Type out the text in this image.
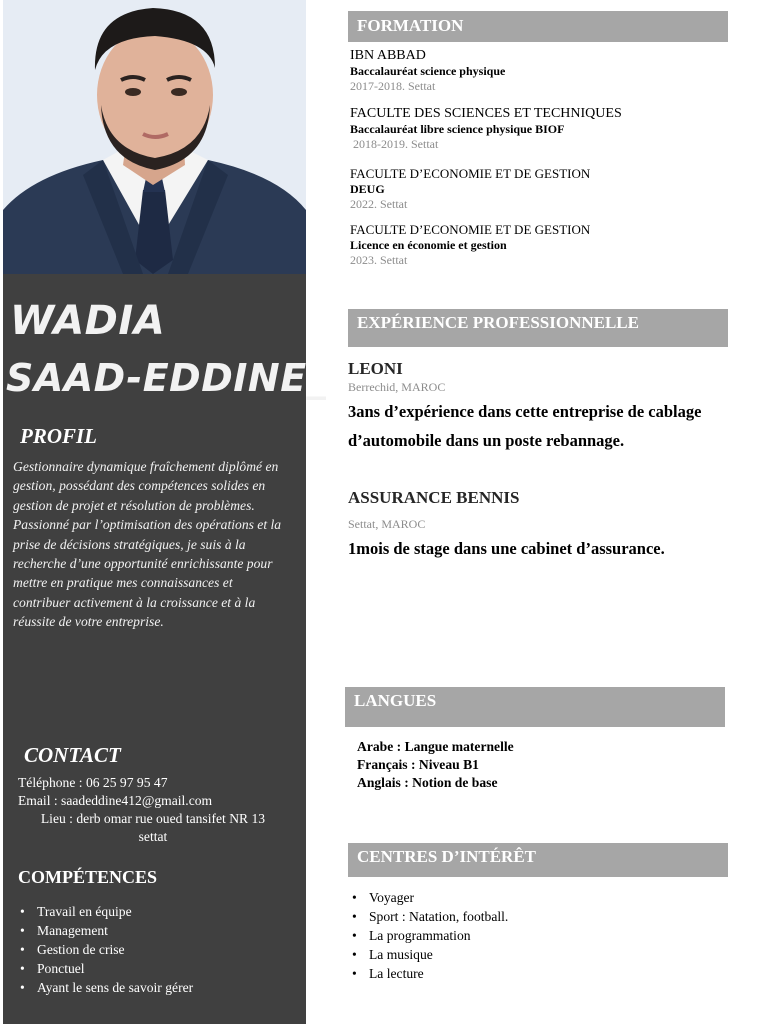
WADIA
SAAD-EDDINE_
PROFIL

Gestionnaire dynamique fraîchement diplômé en gestion, possédant des compétences solides en gestion de projet et résolution de problèmes.

Passionné par l’optimisation des opérations et la prise de décisions stratégiques, je suis à la recherche d’une opportunité enrichissante pour mettre en pratique mes connaissances et contribuer activement à la croissance et à la réussite de votre entreprise.

CONTACT
Téléphone : 06 25 97 95 47
Email : saadeddine412@gmail.com
Lieu : derb omar rue oued tansifet NR 13
settat
COMPÉTENCES
• Travail en équipe
• Management
• Gestion de crise
• Ponctuel
• Ayant le sens de savoir gérer
FORMATION
IBN ABBAD
Baccalauréat science physique
2017-2018. Settat
FACULTE DES SCIENCES ET TECHNIQUES
Baccalauréat libre science physique BIOF
2018-2019. Settat
FACULTE D’ECONOMIE ET DE GESTION
DEUG
2022. Settat
FACULTE D’ECONOMIE ET DE GESTION
Licence en économie et gestion
2023. Settat
EXPÉRIENCE PROFESSIONNELLE
LEONI
Berrechid, MAROC
3ans d’expérience dans cette entreprise de cablage
d’automobile dans un poste rebannage.
ASSURANCE BENNIS
Settat, MAROC
1mois de stage dans une cabinet d’assurance.
LANGUES
Arabe : Langue maternelle
Français : Niveau B1
Anglais : Notion de base
CENTRES D’INTÉRÊT
• Voyager
• Sport : Natation, football.
• La programmation
• La musique
• La lecture
